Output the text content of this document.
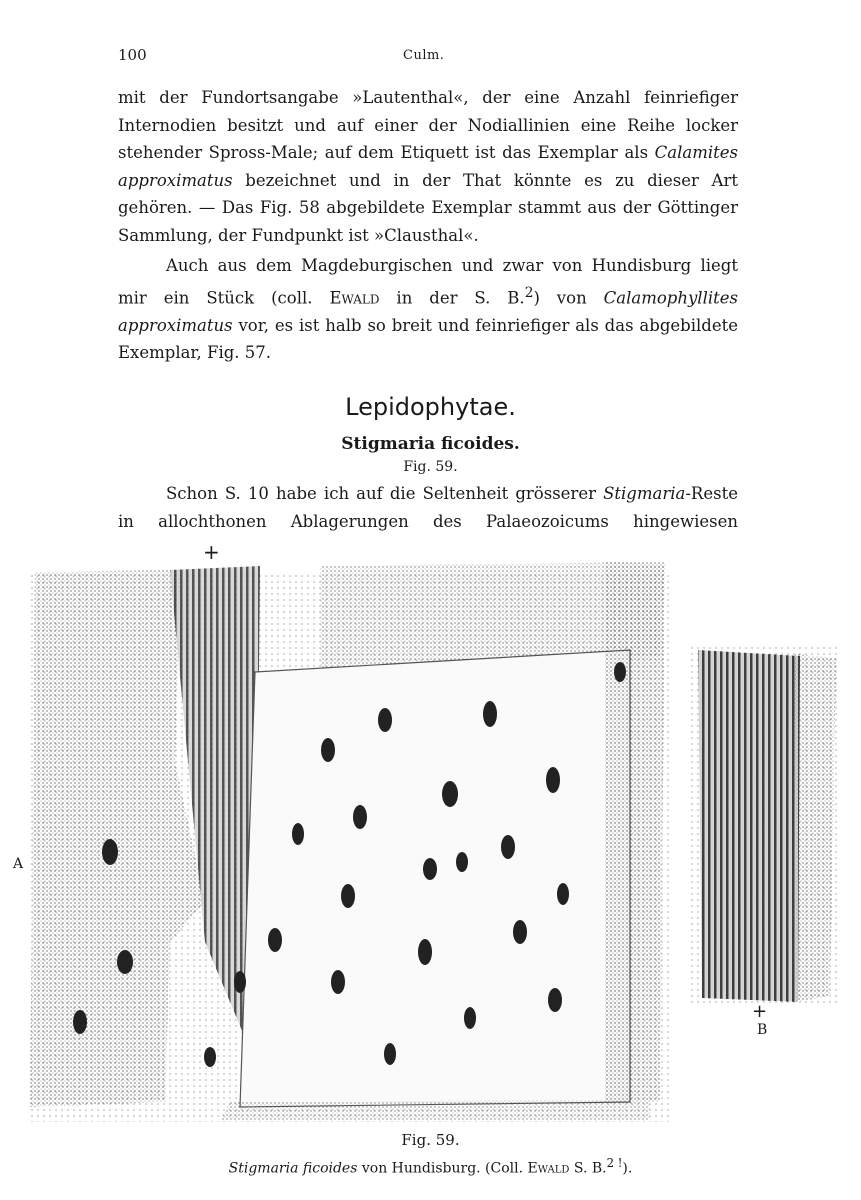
100	Culm.

mit der Fundortsangabe »Lautenthal«, der eine Anzahl feinriefiger Internodien besitzt und auf einer der Nodiallinien eine Reihe locker stehender Spross-Male; auf dem Etiquett ist das Exemplar als Calamites approximatus bezeichnet und in der That könnte es zu dieser Art gehören. — Das Fig. 58 abgebildete Exemplar stammt aus der Göttinger Sammlung, der Fundpunkt ist »Clausthal«.

Auch aus dem Magdeburgischen und zwar von Hundisburg liegt mir ein Stück (coll. Ewald in der S. B.$^2$) von Calamophyllites approximatus vor, es ist halb so breit und feinriefiger als das abgebildete Exemplar, Fig. 57.

Lepidophytae.
Stigmaria ficoides.
Fig. 59.

Schon S. 10 habe ich auf die Seltenheit grösserer Stigmaria-Reste in allochthonen Ablagerungen des Palaeozoicums hingewiesen

+
A
+
B
Fig. 59.
Stigmaria ficoides von Hundisburg. (Coll. Ewald S. B.$^{2 !}$).
